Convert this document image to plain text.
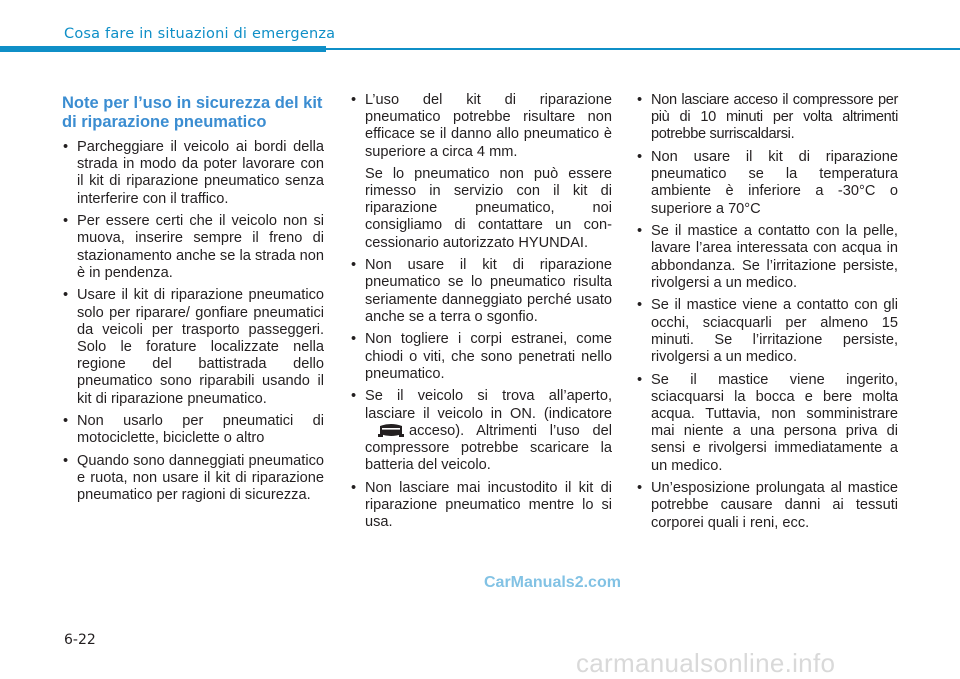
Cosa fare in situazioni di emergenza
Note per l’uso in sicurezza del kit di riparazione pneumatico
• Parcheggiare il veicolo ai bordi della strada in modo da poter lavorare con il kit di riparazione pneumatico senza interferire con il traffico.
• Per essere certi che il veicolo non si muova, inserire sempre il freno di stazionamento anche se la strada non è in pendenza.
• Usare il kit di riparazione pneumatico solo per riparare/ gonfiare pneumatici da veicoli per trasporto passeggeri. Solo le forature localizzate nella regione del battistrada dello pneumatico sono riparabili usando il kit di riparazione pneumatico.
• Non usarlo per pneumatici di motociclette, biciclette o altro
• Quando sono danneggiati pneumatico e ruota, non usare il kit di riparazione pneumatico per ragioni di sicurezza.
• L’uso del kit di riparazione pneumatico potrebbe risultare non efficace se il danno allo pneumatico è superiore a circa 4 mm.
Se lo pneumatico non può essere rimesso in servizio con il kit di riparazione pneumatico, noi consigliamo di contattare un con-cessionario autorizzato HYUNDAI.
• Non usare il kit di riparazione pneumatico se lo pneumatico risulta seriamente danneggiato perché usato anche se a terra o sgonfio.
• Non togliere i corpi estranei, come chiodi o viti, che sono penetrati nello pneumatico.
• Se il veicolo si trova all’aperto, lasciare il veicolo in ON. (indicatore acceso). Altrimenti l’uso del compressore potrebbe scaricare la batteria del veicolo.
• Non lasciare mai incustodito il kit di riparazione pneumatico mentre lo si usa.
• Non lasciare acceso il compressore per più di 10 minuti per volta altrimenti potrebbe surriscaldarsi.
• Non usare il kit di riparazione pneumatico se la temperatura ambiente è inferiore a -30°C o superiore a 70°C
• Se il mastice a contatto con la pelle, lavare l’area interessata con acqua in abbondanza. Se l’irritazione persiste, rivolgersi a un medico.
• Se il mastice viene a contatto con gli occhi, sciacquarli per almeno 15 minuti. Se l’irritazione persiste, rivolgersi a un medico.
• Se il mastice viene ingerito, sciacquarsi la bocca e bere molta acqua. Tuttavia, non somministrare mai niente a una persona priva di sensi e rivolgersi immediatamente a un medico.
• Un’esposizione prolungata al mastice potrebbe causare danni ai tessuti corporei quali i reni, ecc.
CarManuals2.com
6-22
carmanualsonline.info
